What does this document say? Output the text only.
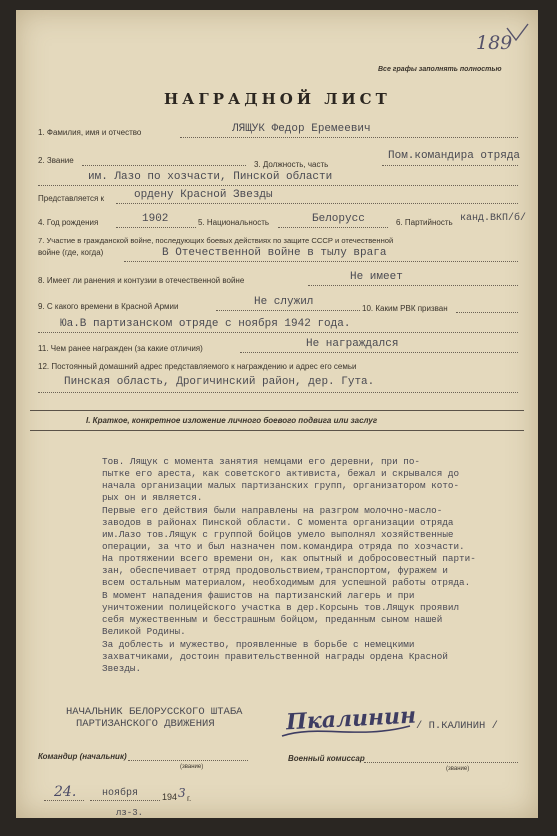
189
Все графы заполнять полностью
НАГРАДНОЙ ЛИСТ
1. Фамилия, имя и отчество	ЛЯЩУК Федор Еремеевич
2. Звание	3. Должность, часть
Пом.командира отряда
им. Лазо по хозчасти, Пинской области
Представляется к	ордену Красной Звезды
4. Год рождения	1902	5. Национальность	Белорусс	6. Партийность канд.ВКП/б/
7. Участие в гражданской войне, последующих боевых действиях по защите СССР и отечественной
войне (где, когда)	В Отечественной войне в тылу врага
8. Имеет ли ранения и контузии в отечественной войне	Не имеет
9. С какого времени в Красной Армии	Не служил
10. Каким РВК призван
Юа.В партизанском отряде с ноября 1942 года.
11. Чем ранее награжден (за какие отличия)	Не награждался
12. Постоянный домашний адрес представляемого к награждению и адрес его семьи
Пинская область, Дрогичинский район, дер. Гута.
I. Краткое, конкретное изложение личного боевого подвига или заслуг
Тов. Лящук с момента занятия немцами его деревни, при по-
пытке его ареста, как советского активиста, бежал и скрывался до
начала организации малых партизанских групп, организатором кото-
рых он и является.
Первые его действия были направлены на разгром молочно-масло-
заводов в районах Пинской области. С момента организации отряда
им.Лазо тов.Лящук с группой бойцов умело выполнял хозяйственные
операции, за что и был назначен пом.командира отряда по хозчасти.
На протяжении всего времени он, как опытный и добросовестный парти-
зан, обеспечивает отряд продовольствием,транспортом, фуражем и
всем остальным материалом, необходимым для успешной работы отряда.
В момент нападения фашистов на партизанский лагерь и при
уничтожении полицейского участка в дер.Корсынь тов.Лящук проявил
себя мужественным и бесстрашным бойцом, преданным сыном нашей
Великой Родины.
За доблесть и мужество, проявленные в борьбе с немецкими
захватчиками, достоин правительственной награды ордена Красной
Звезды.
НАЧАЛЬНИК БЕЛОРУССКОГО ШТАБА
ПАРТИЗАНСКОГО ДВИЖЕНИЯ	Пкалинин / П.КАЛИНИН /
Командир (начальник)
(звание)
Военный комиссар
(звание)
24.	ноября	194 3 г.
лз-3.
